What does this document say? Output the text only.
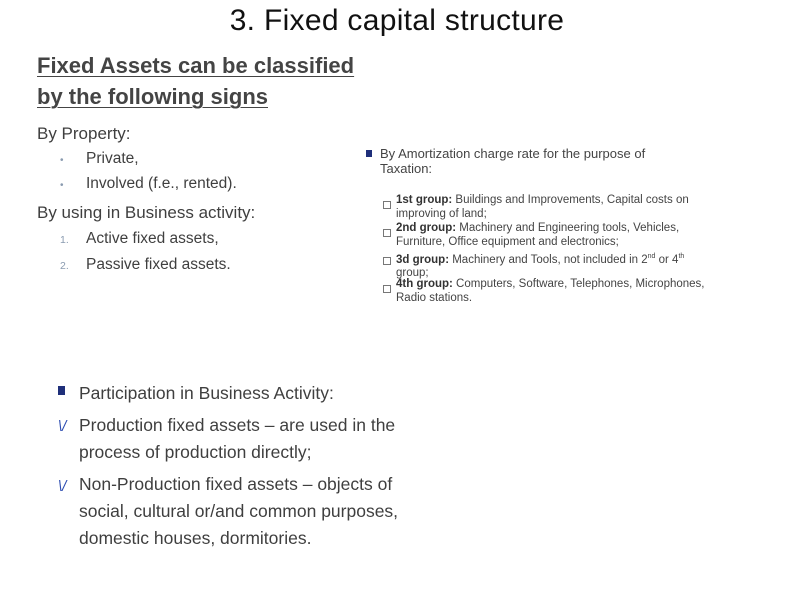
3. Fixed capital structure
Fixed Assets can be classified
by the following signs
By Property:
• Private,
• Involved (f.e., rented).
By using in Business activity:
1. Active fixed assets,
2. Passive fixed assets.
By Amortization charge rate for the purpose of
Taxation:
1st group: Buildings and Improvements, Capital costs on
improving of land;
2nd group: Machinery and Engineering tools, Vehicles,
Furniture, Office equipment and electronics;
3d group: Machinery and Tools, not included in 2nd or 4th
group;
4th group: Computers, Software, Telephones, Microphones,
Radio stations.
Participation in Business Activity:
\/ Production fixed assets – are used in the
process of production directly;
\/ Non-Production fixed assets – objects of
social, cultural or/and common purposes,
domestic houses, dormitories.
